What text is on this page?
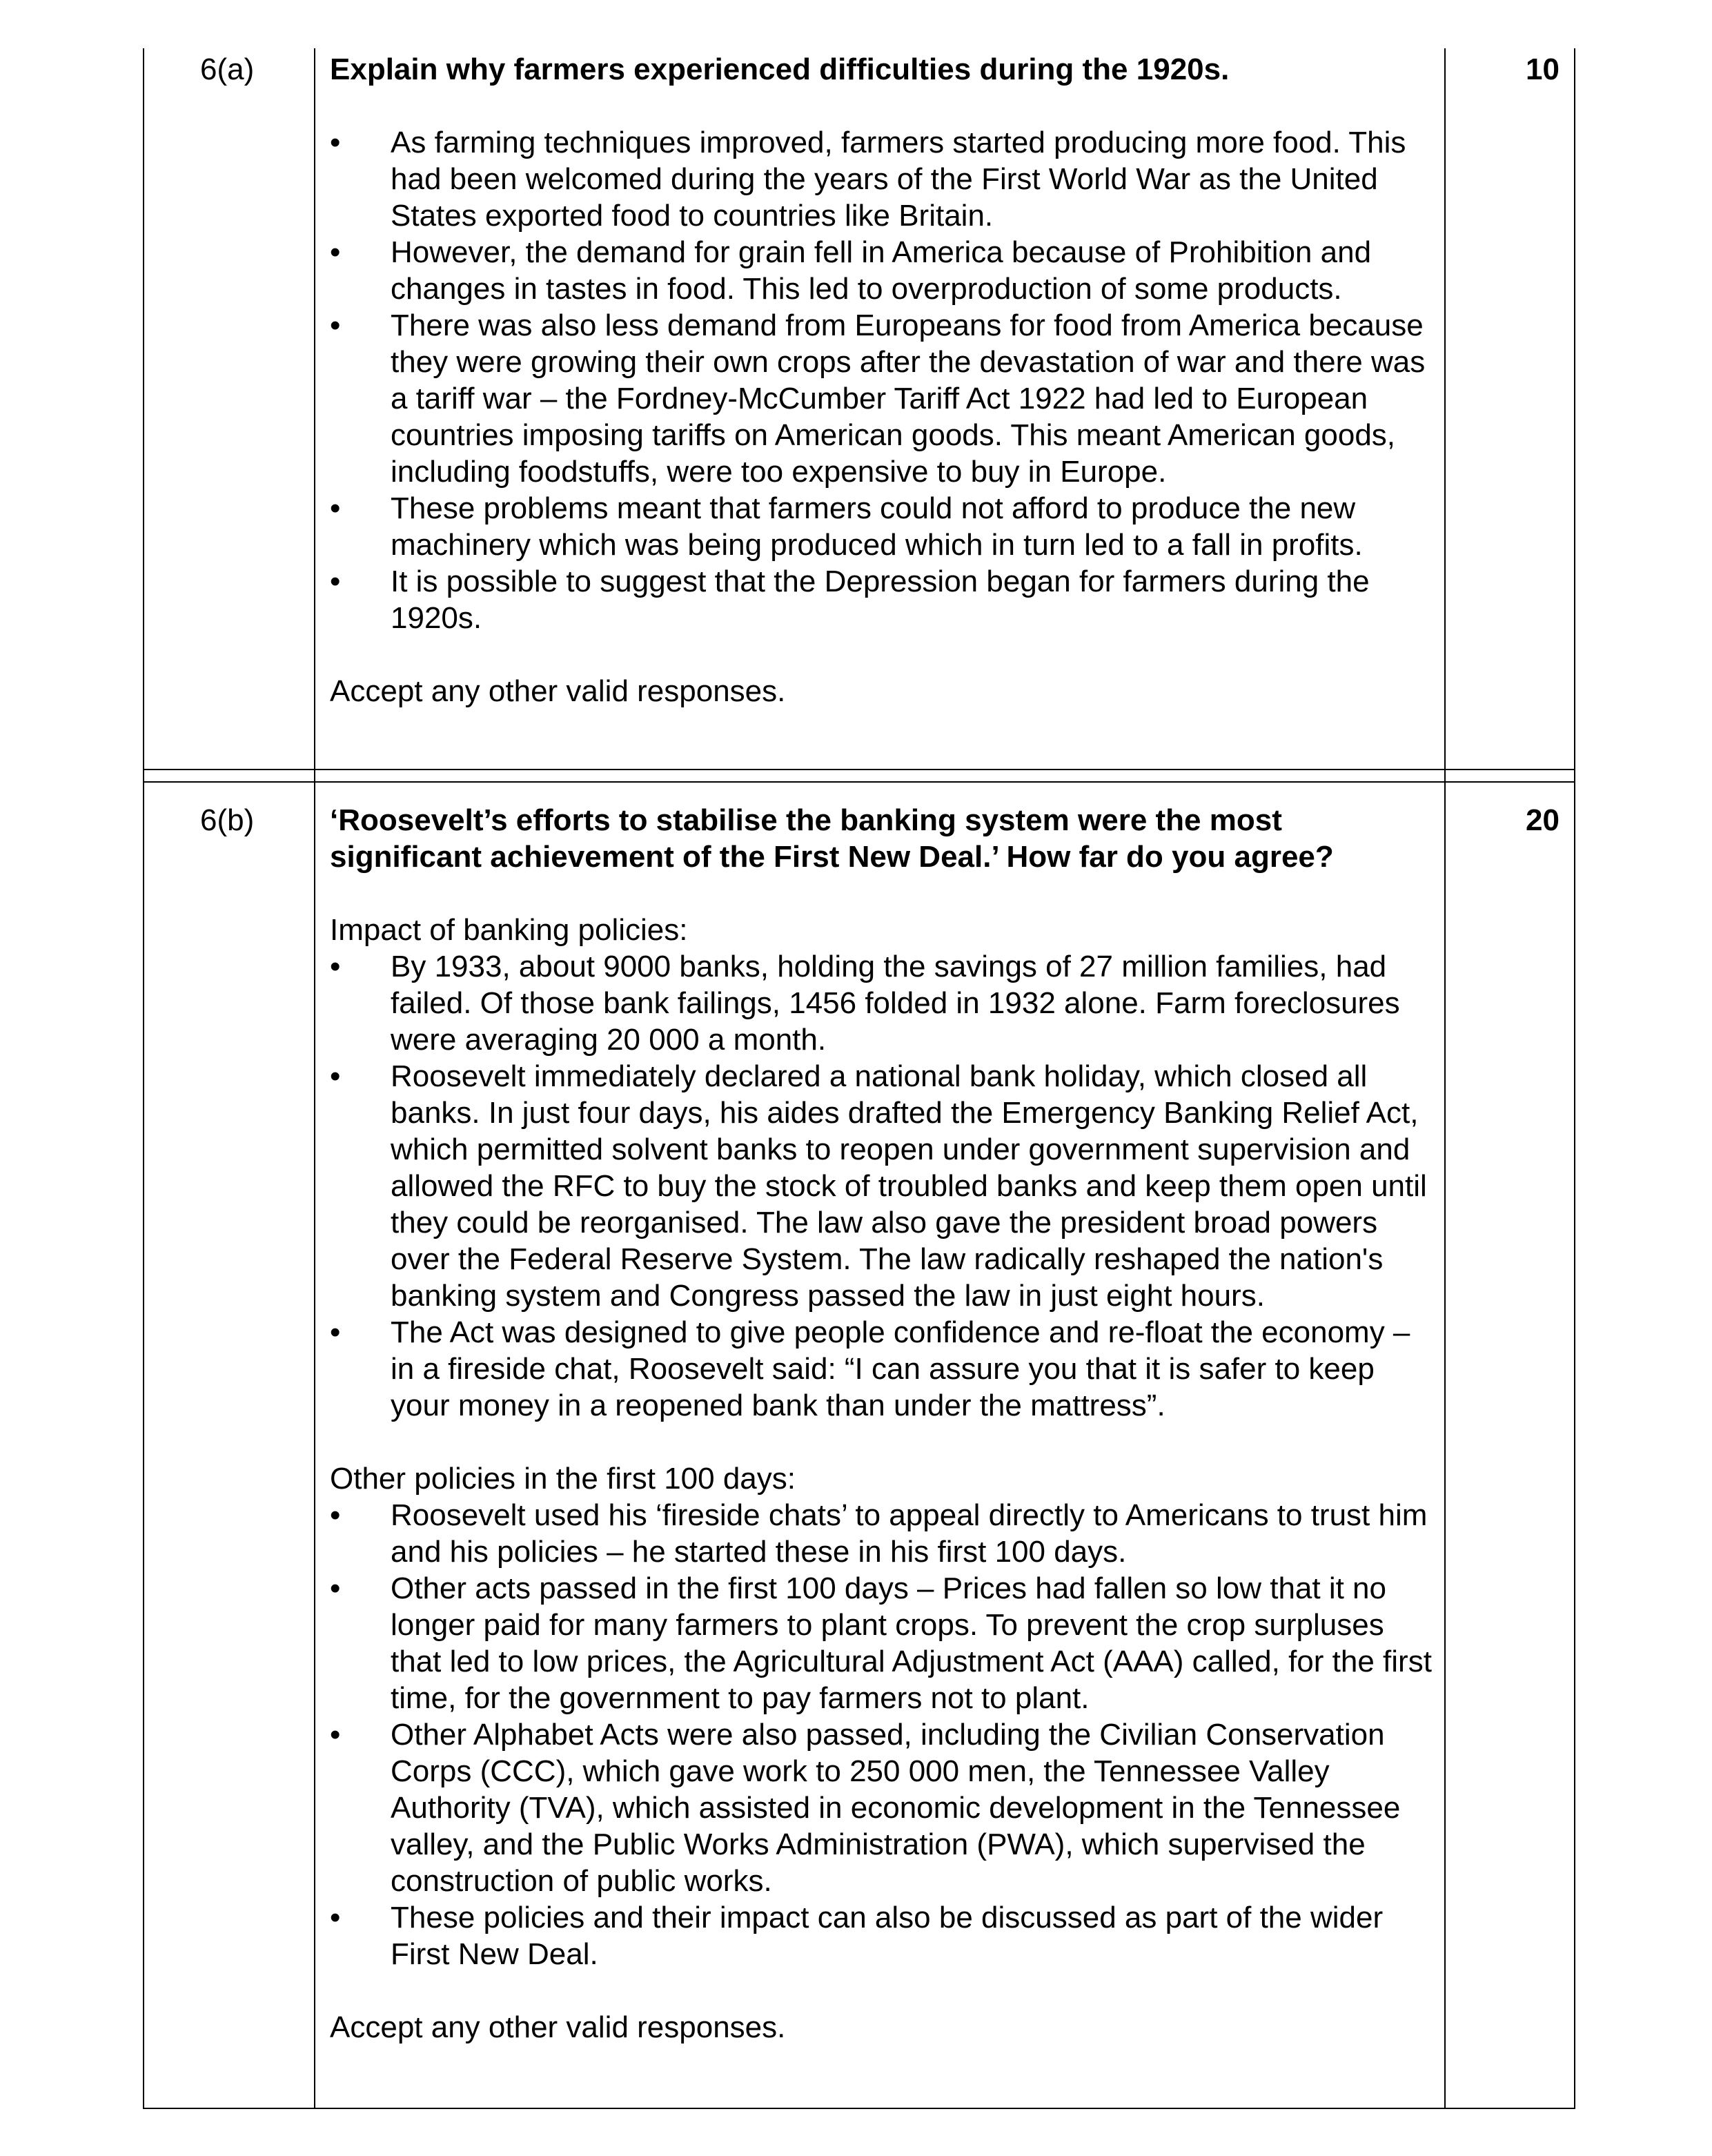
6(a)	10

Explain why farmers experienced difficulties during the 1920s.

•	As farming techniques improved, farmers started producing more food. This had been welcomed during the years of the First World War as the United States exported food to countries like Britain.
•	However, the demand for grain fell in America because of Prohibition and changes in tastes in food. This led to overproduction of some products.
•	There was also less demand from Europeans for food from America because they were growing their own crops after the devastation of war and there was a tariff war – the Fordney-McCumber Tariff Act 1922 had led to European countries imposing tariffs on American goods. This meant American goods, including foodstuffs, were too expensive to buy in Europe.
•	These problems meant that farmers could not afford to produce the new machinery which was being produced which in turn led to a fall in profits.
•	It is possible to suggest that the Depression began for farmers during the 1920s.

Accept any other valid responses.

6(b)	20

‘Roosevelt’s efforts to stabilise the banking system were the most significant achievement of the First New Deal.’ How far do you agree?

Impact of banking policies:

•	By 1933, about 9000 banks, holding the savings of 27 million families, had failed. Of those bank failings, 1456 folded in 1932 alone. Farm foreclosures were averaging 20 000 a month.
•	Roosevelt immediately declared a national bank holiday, which closed all banks. In just four days, his aides drafted the Emergency Banking Relief Act, which permitted solvent banks to reopen under government supervision and allowed the RFC to buy the stock of troubled banks and keep them open until they could be reorganised. The law also gave the president broad powers over the Federal Reserve System. The law radically reshaped the nation's banking system and Congress passed the law in just eight hours.
•	The Act was designed to give people confidence and re-float the economy – in a fireside chat, Roosevelt said: “I can assure you that it is safer to keep your money in a reopened bank than under the mattress”.

Other policies in the first 100 days:

•	Roosevelt used his ‘fireside chats’ to appeal directly to Americans to trust him and his policies – he started these in his first 100 days.
•	Other acts passed in the first 100 days – Prices had fallen so low that it no longer paid for many farmers to plant crops. To prevent the crop surpluses that led to low prices, the Agricultural Adjustment Act (AAA) called, for the first time, for the government to pay farmers not to plant.
•	Other Alphabet Acts were also passed, including the Civilian Conservation Corps (CCC), which gave work to 250 000 men, the Tennessee Valley Authority (TVA), which assisted in economic development in the Tennessee valley, and the Public Works Administration (PWA), which supervised the construction of public works.
•	These policies and their impact can also be discussed as part of the wider First New Deal.

Accept any other valid responses.
